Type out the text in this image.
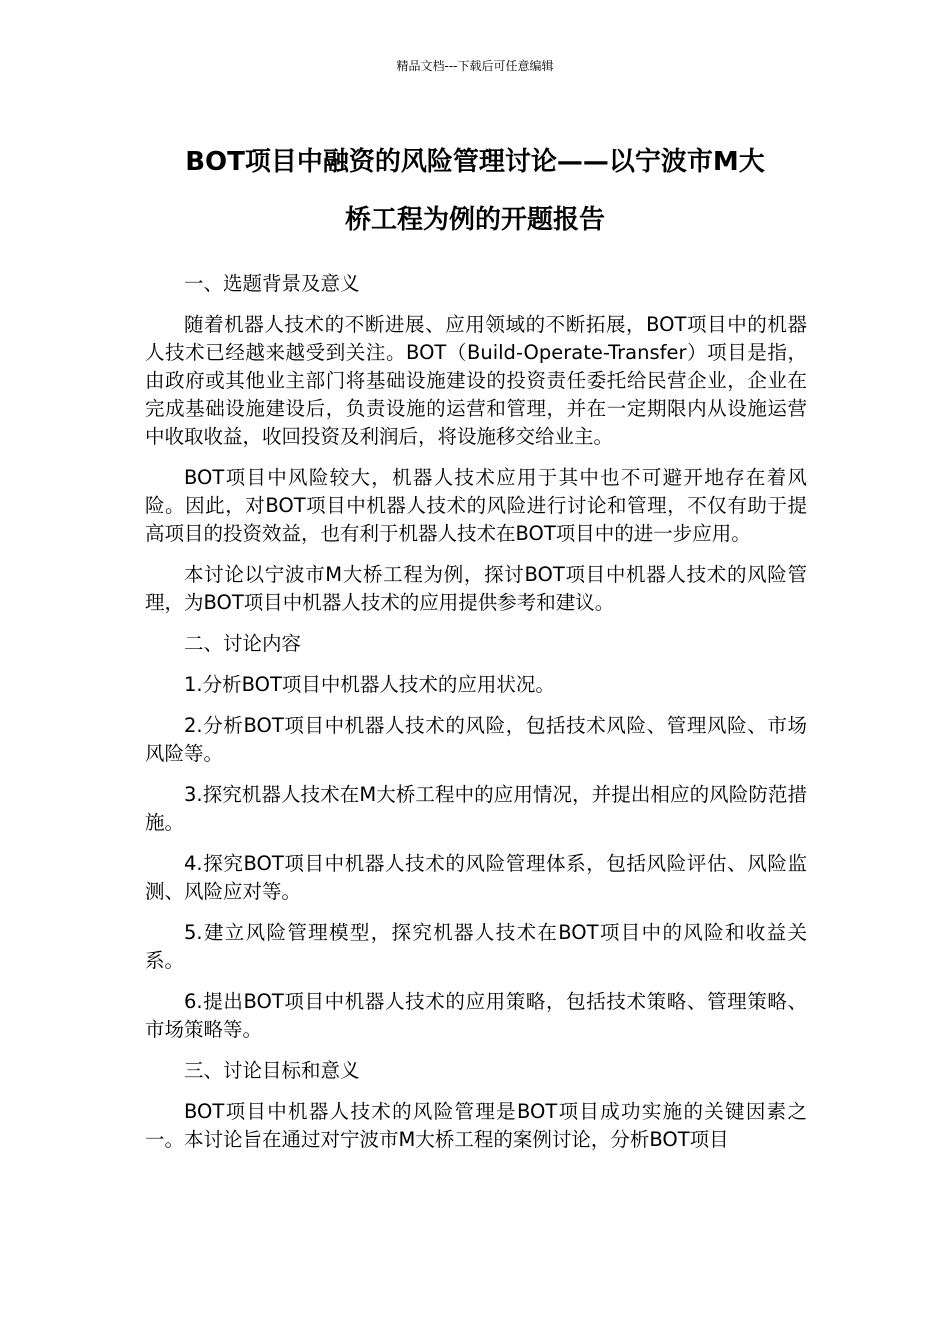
精品文档---下载后可任意编辑
BOT项目中融资的风险管理讨论——以宁波市M大
桥工程为例的开题报告

一、选题背景及意义

随着机器人技术的不断进展、应用领域的不断拓展，BOT项目中的机器人技术已经越来越受到关注。BOT（Build-Operate-Transfer）项目是指，由政府或其他业主部门将基础设施建设的投资责任委托给民营企业，企业在完成基础设施建设后，负责设施的运营和管理，并在一定期限内从设施运营中收取收益，收回投资及利润后，将设施移交给业主。

BOT项目中风险较大，机器人技术应用于其中也不可避开地存在着风险。因此，对BOT项目中机器人技术的风险进行讨论和管理，不仅有助于提高项目的投资效益，也有利于机器人技术在BOT项目中的进一步应用。

本讨论以宁波市M大桥工程为例，探讨BOT项目中机器人技术的风险管理，为BOT项目中机器人技术的应用提供参考和建议。

二、讨论内容

1.分析BOT项目中机器人技术的应用状况。

2.分析BOT项目中机器人技术的风险，包括技术风险、管理风险、市场风险等。

3.探究机器人技术在M大桥工程中的应用情况，并提出相应的风险防范措施。

4.探究BOT项目中机器人技术的风险管理体系，包括风险评估、风险监测、风险应对等。

5.建立风险管理模型，探究机器人技术在BOT项目中的风险和收益关系。

6.提出BOT项目中机器人技术的应用策略，包括技术策略、管理策略、市场策略等。

三、讨论目标和意义

BOT项目中机器人技术的风险管理是BOT项目成功实施的关键因素之一。本讨论旨在通过对宁波市M大桥工程的案例讨论，分析BOT项目
